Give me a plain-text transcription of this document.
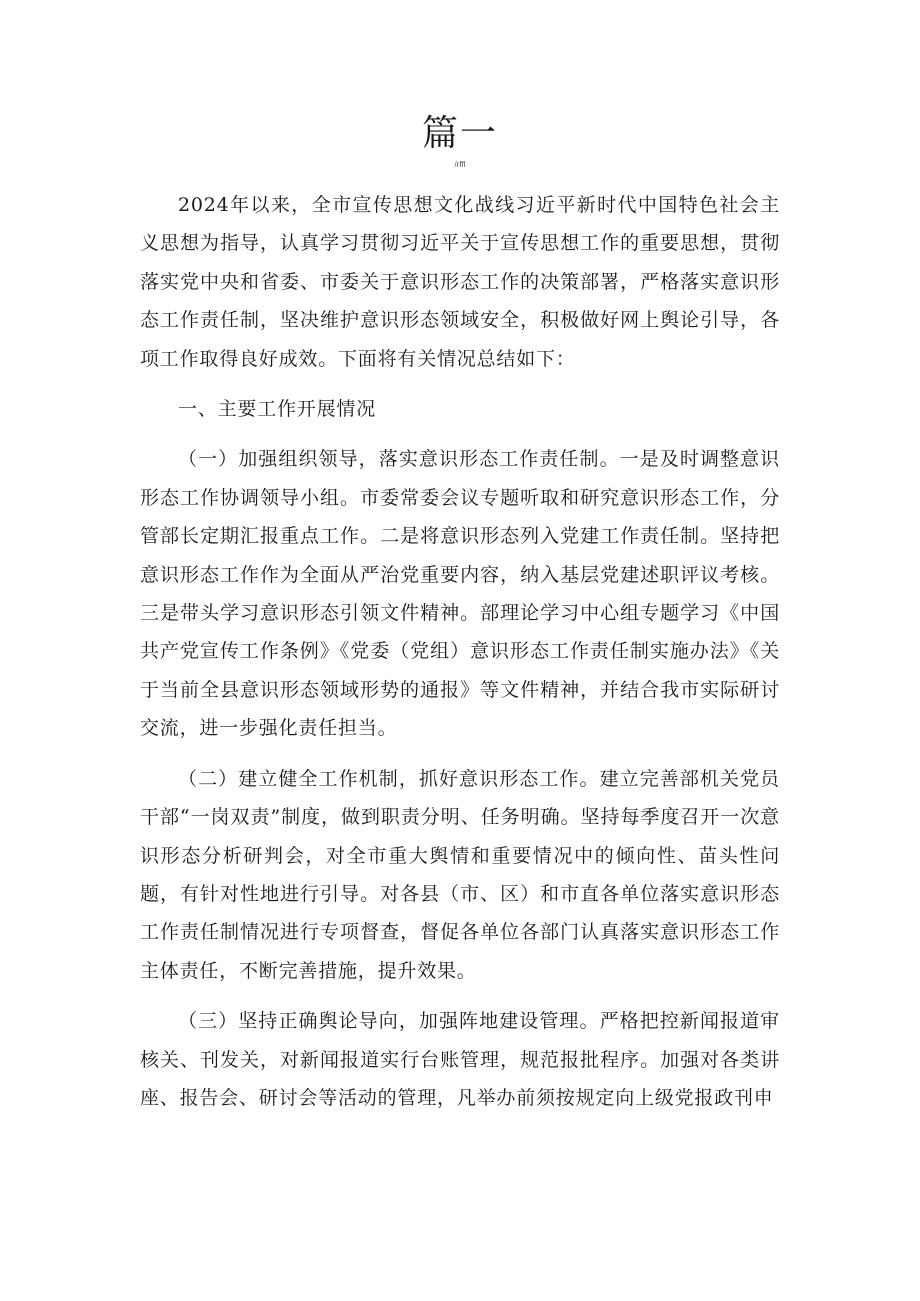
篇一
/rffl

2024年以来，全市宣传思想文化战线习近平新时代中国特色社会主义思想为指导，认真学习贯彻习近平关于宣传思想工作的重要思想，贯彻落实党中央和省委、市委关于意识形态工作的决策部署，严格落实意识形态工作责任制，坚决维护意识形态领域安全，积极做好网上舆论引导，各项工作取得良好成效。下面将有关情况总结如下：

一、主要工作开展情况

（一）加强组织领导，落实意识形态工作责任制。一是及时调整意识形态工作协调领导小组。市委常委会议专题听取和研究意识形态工作，分管部长定期汇报重点工作。二是将意识形态列入党建工作责任制。坚持把意识形态工作作为全面从严治党重要内容，纳入基层党建述职评议考核。三是带头学习意识形态引领文件精神。部理论学习中心组专题学习《中国共产党宣传工作条例》《党委（党组）意识形态工作责任制实施办法》《关于当前全县意识形态领域形势的通报》等文件精神，并结合我市实际研讨交流，进一步强化责任担当。

（二）建立健全工作机制，抓好意识形态工作。建立完善部机关党员干部“一岗双责”制度，做到职责分明、任务明确。坚持每季度召开一次意识形态分析研判会，对全市重大舆情和重要情况中的倾向性、苗头性问题，有针对性地进行引导。对各县（市、区）和市直各单位落实意识形态工作责任制情况进行专项督查，督促各单位各部门认真落实意识形态工作主体责任，不断完善措施，提升效果。

（三）坚持正确舆论导向，加强阵地建设管理。严格把控新闻报道审核关、刊发关，对新闻报道实行台账管理，规范报批程序。加强对各类讲座、报告会、研讨会等活动的管理，凡举办前须按规定向上级党报政刊申
